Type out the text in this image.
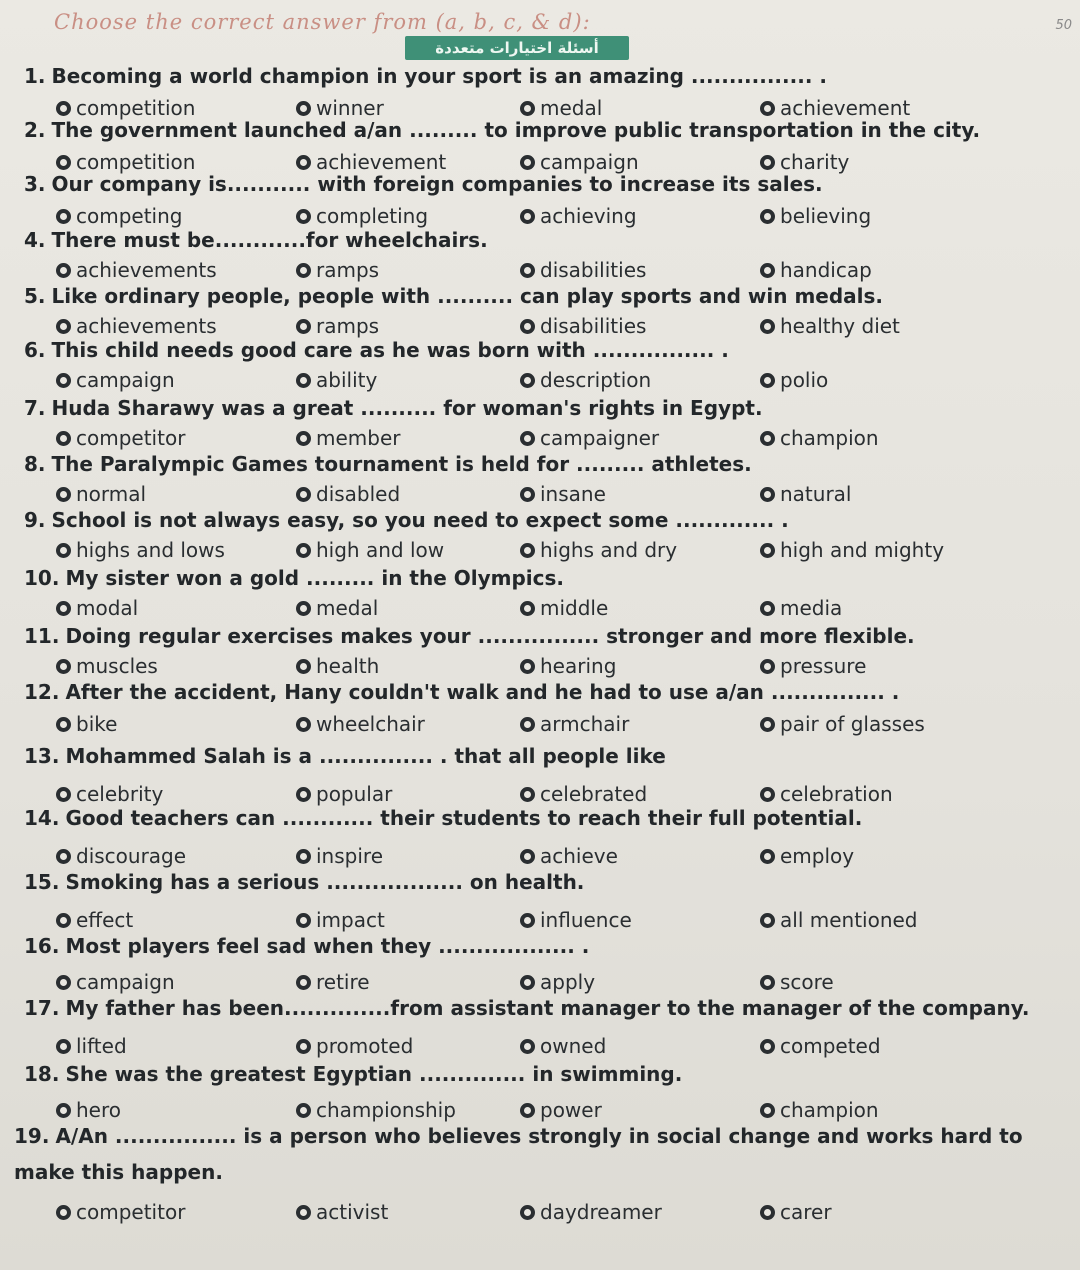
Choose the correct answer from (a, b, c, & d):	50
أسئلة اختيارات متعددة
1. Becoming a world champion in your sport is an amazing ................ .
competition	winner	medal	achievement
2. The government launched a/an ......... to improve public transportation in the city.
competition	achievement	campaign	charity
3. Our company is........... with foreign companies to increase its sales.
competing	completing	achieving	believing
4. There must be............for wheelchairs.
achievements	ramps	disabilities	handicap
5. Like ordinary people, people with .......... can play sports and win medals.
achievements	ramps	disabilities	healthy diet
6. This child needs good care as he was born with ................ .
campaign	ability	description	polio
7. Huda Sharawy was a great .......... for woman's rights in Egypt.
competitor	member	campaigner	champion
8. The Paralympic Games tournament is held for ......... athletes.
normal	disabled	insane	natural
9. School is not always easy, so you need to expect some ............. .
highs and lows	high and low	highs and dry	high and mighty
10. My sister won a gold ......... in the Olympics.
modal	medal	middle	media
11. Doing regular exercises makes your ................ stronger and more flexible.
muscles	health	hearing	pressure
12. After the accident, Hany couldn't walk and he had to use a/an ............... .
bike	wheelchair	armchair	pair of glasses
13. Mohammed Salah is a ............... . that all people like
celebrity	popular	celebrated	celebration
14. Good teachers can ............ their students to reach their full potential.
discourage	inspire	achieve	employ
15. Smoking has a serious .................. on health.
effect	impact	influence	all mentioned
16. Most players feel sad when they .................. .
campaign	retire	apply	score
17. My father has been..............from assistant manager to the manager of the company.
lifted	promoted	owned	competed
18. She was the greatest Egyptian .............. in swimming.
hero	championship	power	champion
19. A/An ................ is a person who believes strongly in social change and works hard to
make this happen.
competitor	activist	daydreamer	carer
